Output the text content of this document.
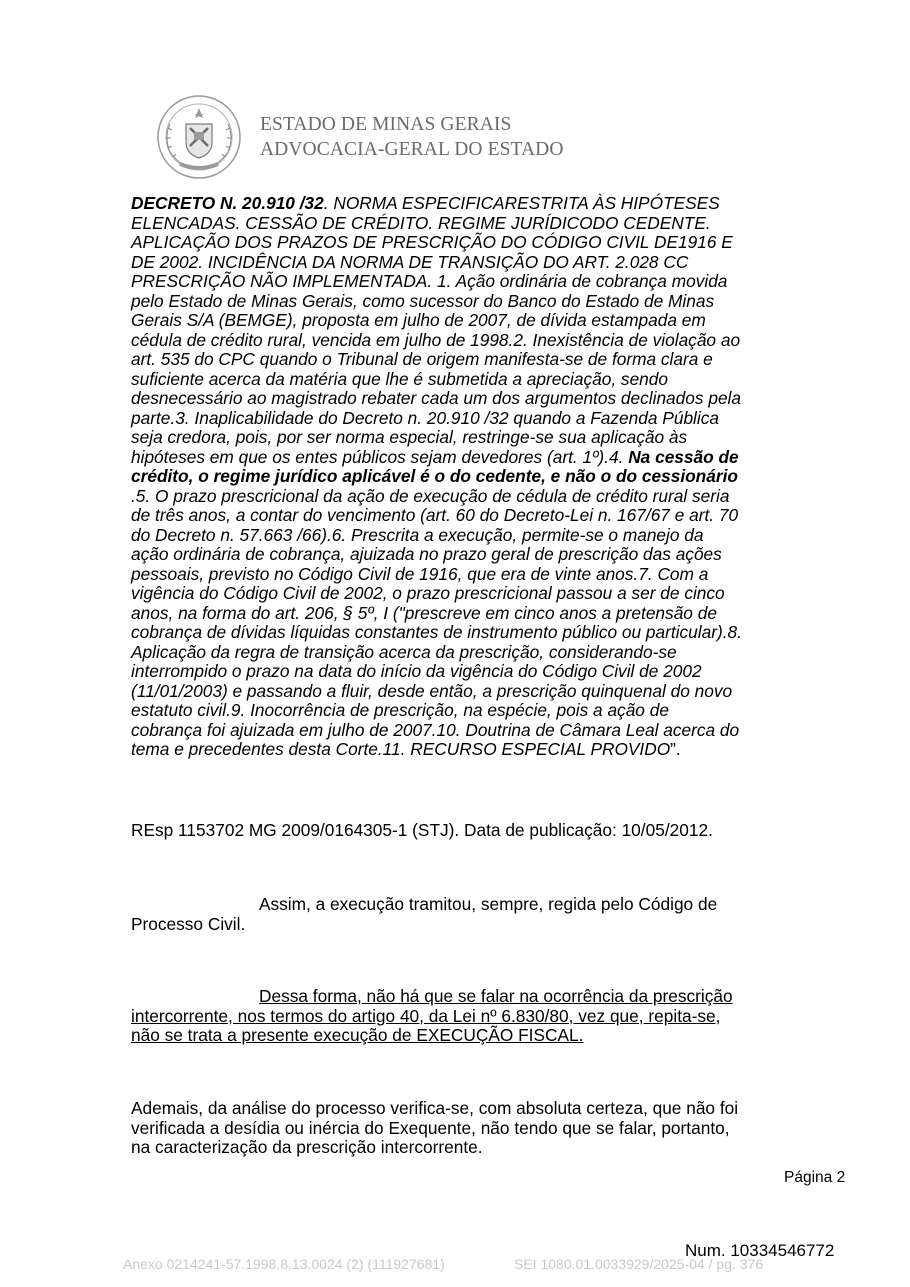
ESTADO DE MINAS GERAIS
ADVOCACIA-GERAL DO ESTADO
DECRETO N. 20.910 /32. NORMA ESPECIFICARESTRITA ÀS HIPÓTESES
ELENCADAS. CESSÃO DE CRÉDITO. REGIME JURÍDICODO CEDENTE.
APLICAÇÃO DOS PRAZOS DE PRESCRIÇÃO DO CÓDIGO CIVIL DE1916 E
DE 2002. INCIDÊNCIA DA NORMA DE TRANSIÇÃO DO ART. 2.028 CC
PRESCRIÇÃO NÃO IMPLEMENTADA. 1. Ação ordinária de cobrança movida
pelo Estado de Minas Gerais, como sucessor do Banco do Estado de Minas
Gerais S/A (BEMGE), proposta em julho de 2007, de dívida estampada em
cédula de crédito rural, vencida em julho de 1998.2. Inexistência de violação ao
art. 535 do CPC quando o Tribunal de origem manifesta-se de forma clara e
suficiente acerca da matéria que lhe é submetida a apreciação, sendo
desnecessário ao magistrado rebater cada um dos argumentos declinados pela
parte.3. Inaplicabilidade do Decreto n. 20.910 /32 quando a Fazenda Pública
seja credora, pois, por ser norma especial, restringe-se sua aplicação às
hipóteses em que os entes públicos sejam devedores (art. 1º).4. Na cessão de
crédito, o regime jurídico aplicável é o do cedente, e não o do cessionário
.5. O prazo prescricional da ação de execução de cédula de crédito rural seria
de três anos, a contar do vencimento (art. 60 do Decreto-Lei n. 167/67 e art. 70
do Decreto n. 57.663 /66).6. Prescrita a execução, permite-se o manejo da
ação ordinária de cobrança, ajuizada no prazo geral de prescrição das ações
pessoais, previsto no Código Civil de 1916, que era de vinte anos.7. Com a
vigência do Código Civil de 2002, o prazo prescricional passou a ser de cinco
anos, na forma do art. 206, § 5º, I ("prescreve em cinco anos a pretensão de
cobrança de dívidas líquidas constantes de instrumento público ou particular).8.
Aplicação da regra de transição acerca da prescrição, considerando-se
interrompido o prazo na data do início da vigência do Código Civil de 2002
(11/01/2003) e passando a fluir, desde então, a prescrição quinquenal do novo
estatuto civil.9. Inocorrência de prescrição, na espécie, pois a ação de
cobrança foi ajuizada em julho de 2007.10. Doutrina de Câmara Leal acerca do
tema e precedentes desta Corte.11. RECURSO ESPECIAL PROVIDO”.
REsp 1153702 MG 2009/0164305-1 (STJ). Data de publicação: 10/05/2012.
Assim, a execução tramitou, sempre, regida pelo Código de
Processo Civil.
Dessa forma, não há que se falar na ocorrência da prescrição
intercorrente, nos termos do artigo 40, da Lei nº 6.830/80, vez que, repita-se,
não se trata a presente execução de EXECUÇÃO FISCAL.
Ademais, da análise do processo verifica-se, com absoluta certeza, que não foi
verificada a desídia ou inércia do Exequente, não tendo que se falar, portanto,
na caracterização da prescrição intercorrente.
Página 2
Num. 10334546772
Anexo 0214241-57.1998.8.13.0024 (2) (111927681)	SEI 1080.01.0033929/2025-04 / pg. 376
